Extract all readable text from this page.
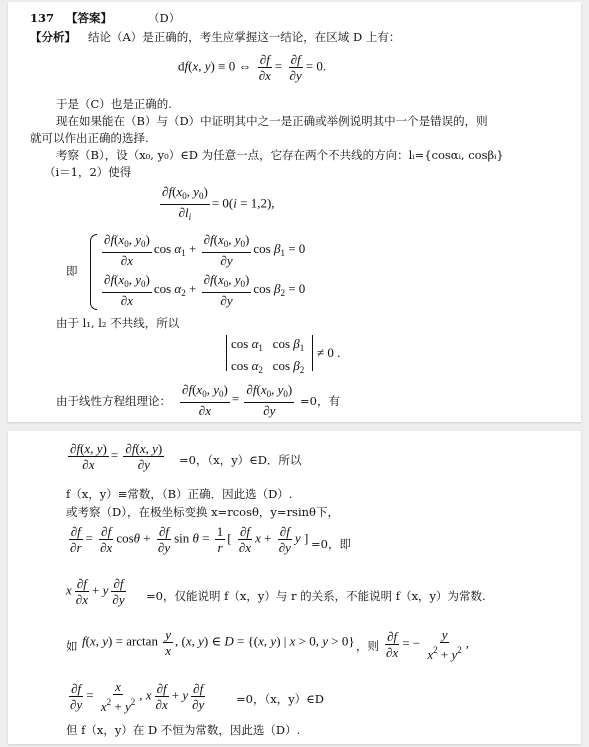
137 【答案】	（D）
【分析】 结论（A）是正确的，考生应掌握这一结论，在区域 D 上有：
df(x, y) ≡ 0 ⇔ $\frac{\partial f}{\partial x} = \frac{\partial f}{\partial y} = 0$.
于是（C）也是正确的.
现在如果能在（B）与（D）中证明其中之一是正确或举例说明其中一个是错误的，则
就可以作出正确的选择.
考察（B），设（x₀, y₀）∈D 为任意一点，它存在两个不共线的方向：lᵢ={cosαᵢ, cosβᵢ}
（i＝1，2）使得
$\frac{\partial f(x_0, y_0)}{\partial l_i} = 0(i = 1,2)$,
即
$\frac{\partial f(x_0, y_0)}{\partial x}$ $\cos \alpha_1 + \frac{\partial f(x_0, y_0)}{\partial y}$ $\cos \beta_1 = 0$
$\frac{\partial f(x_0, y_0)}{\partial x}$ $\cos \alpha_2 + \frac{\partial f(x_0, y_0)}{\partial y}$ $\cos \beta_2 = 0$
由于 l₁, l₂ 不共线，所以
$\cos \alpha_1$   $\cos \beta_1$
$\cos \alpha_2$   $\cos \beta_2$
≠ 0 .
由于线性方程组理论： $\frac{\partial f(x_0, y_0)}{\partial x} = \frac{\partial f(x_0, y_0)}{\partial y} =0$，有
$\frac{\partial f(x, y)}{\partial x} = \frac{\partial f(x, y)}{\partial y} =0$，（x，y）∈D．所以
f（x，y）≡常数，（B）正确．因此选（D）.
或考察（D），在极坐标变换 x=rcosθ，y=rsinθ下，
$\frac{\partial f}{\partial r} = \frac{\partial f}{\partial x}$ $\cos\theta + \frac{\partial f}{\partial y}$ $\sin \theta = \frac{1}{r}$ [ $\frac{\partial f}{\partial x}$ $x + \frac{\partial f}{\partial y}$ y ] =0，即
x $\frac{\partial f}{\partial x} + y \frac{\partial f}{\partial y} =0$，仅能说明 f（x，y）与 r 的关系，不能说明 f（x，y）为常数.
如 f(x, $y) = \arctan \frac{y}{x}$ , (x, y) ∈ D = {(x, y) | x > 0, y > 0} ，则 $\frac{\partial f}{\partial x}$ = − $\frac{y}{x^2 + y^2}$ ,
$\frac{\partial f}{\partial y} = \frac{x}{x^2 + y^2}$ , x $\frac{\partial f}{\partial x} + y \frac{\partial f}{\partial y}$	=0，（x，y）∈D
但 f（x，y）在 D 不恒为常数，因此选（D）.
